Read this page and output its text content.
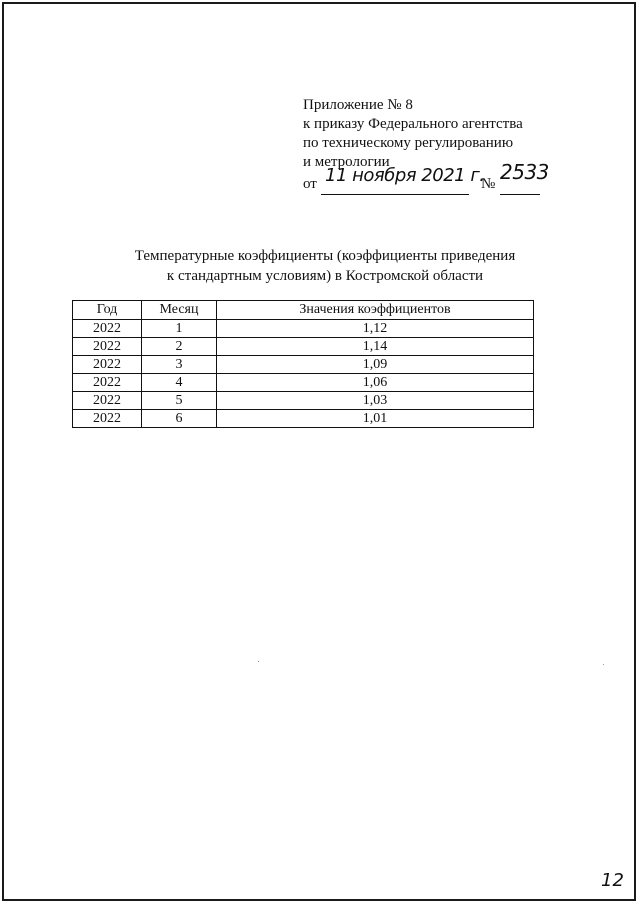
Приложение № 8
к приказу Федерального агентства
по техническому регулированию
и метрологии
от 11 ноября 2021 г.
№ 2533
Температурные коэффициенты (коэффициенты приведения
к стандартным условиям) в Костромской области
Год	Месяц	Значения коэффициентов
2022	1	1,12
2022	2	1,14
2022	3	1,09
2022	4	1,06
2022	5	1,03
2022	6	1,01
12
